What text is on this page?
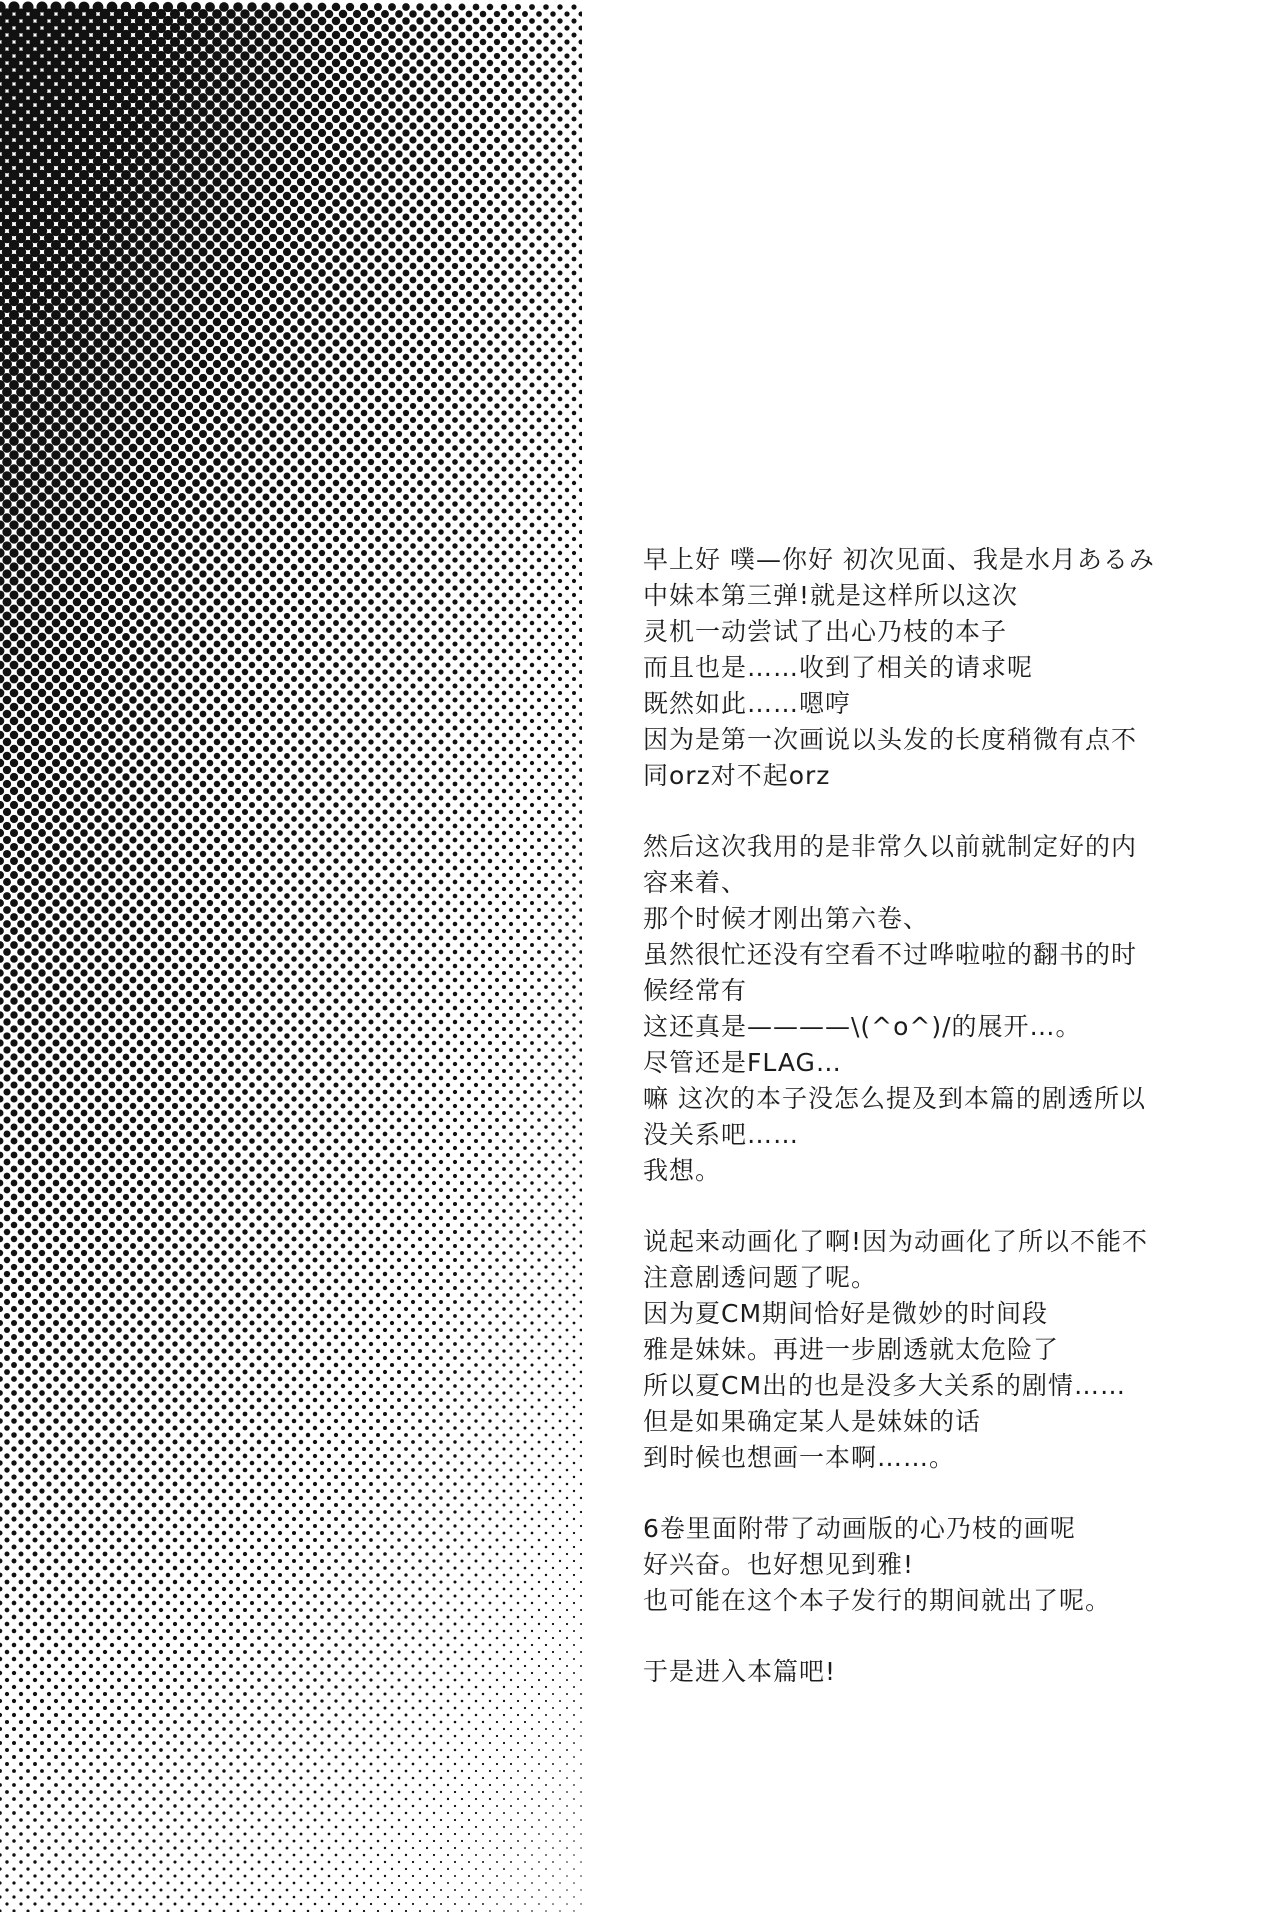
早上好 噗—你好 初次见面、我是水月あるみ
中妹本第三弹!就是这样所以这次
灵机一动尝试了出心乃枝的本子
而且也是……收到了相关的请求呢
既然如此……嗯哼
因为是第一次画说以头发的长度稍微有点不
同orz对不起orz
然后这次我用的是非常久以前就制定好的内
容来着、
那个时候才刚出第六卷、
虽然很忙还没有空看不过哗啦啦的翻书的时
候经常有
这还真是————\(^o^)/的展开…。
尽管还是FLAG…
嘛 这次的本子没怎么提及到本篇的剧透所以
没关系吧……
我想。
说起来动画化了啊!因为动画化了所以不能不
注意剧透问题了呢。
因为夏CM期间恰好是微妙的时间段
雅是妹妹。再进一步剧透就太危险了
所以夏CM出的也是没多大关系的剧情……
但是如果确定某人是妹妹的话
到时候也想画一本啊……。
6卷里面附带了动画版的心乃枝的画呢
好兴奋。也好想见到雅!
也可能在这个本子发行的期间就出了呢。
于是进入本篇吧!
